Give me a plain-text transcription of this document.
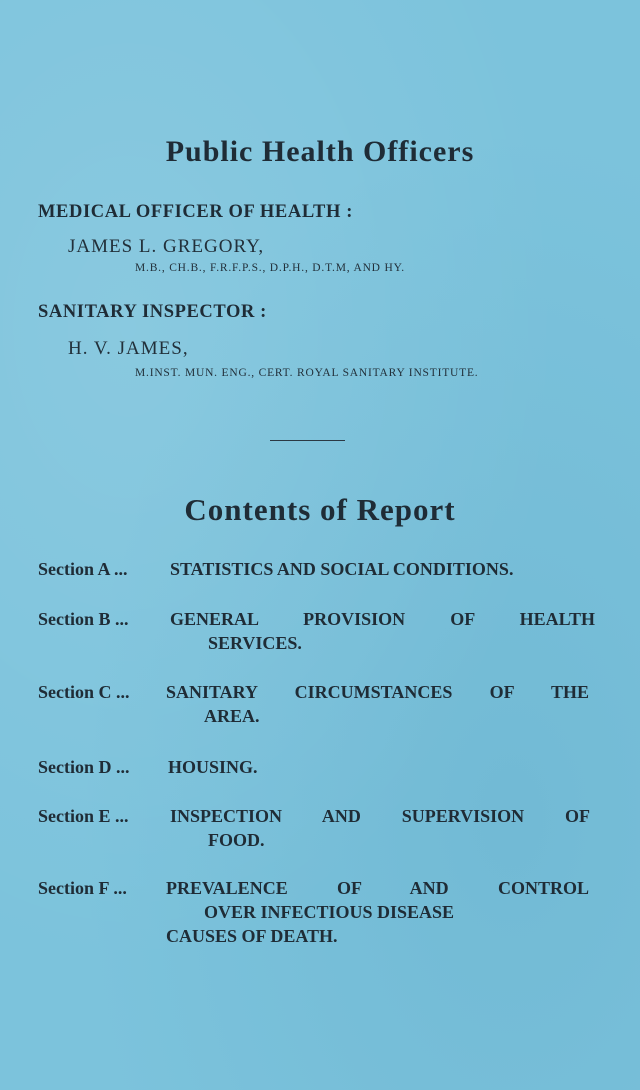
Public Health Officers
MEDICAL OFFICER OF HEALTH :
JAMES L. GREGORY,
M.B., CH.B., F.R.F.P.S., D.P.H., D.T.M, AND HY.
SANITARY INSPECTOR :
H. V. JAMES,
M.INST. MUN. ENG., CERT. ROYAL SANITARY INSTITUTE.
Contents of Report
Section A ... STATISTICS AND SOCIAL CONDITIONS.
Section B ... GENERAL PROVISION OF HEALTH
SERVICES.
Section C ... SANITARY CIRCUMSTANCES OF THE
AREA.
Section D ... HOUSING.
Section E ... INSPECTION AND SUPERVISION OF
FOOD.
Section F ... PREVALENCE OF AND CONTROL
OVER INFECTIOUS DISEASE
CAUSES OF DEATH.
